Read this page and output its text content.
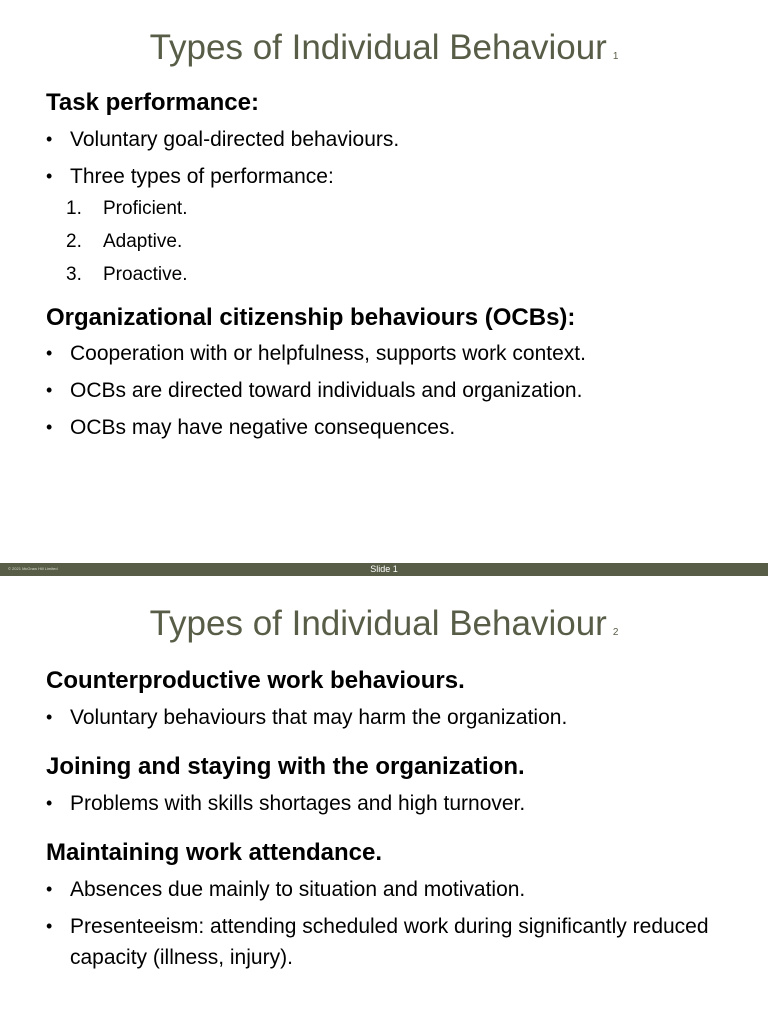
Types of Individual Behaviour 1

Task performance:

• Voluntary goal-directed behaviours.

• Three types of performance:

1. Proficient.

2. Adaptive.

3. Proactive.

Organizational citizenship behaviours (OCBs):

• Cooperation with or helpfulness, supports work context.

• OCBs are directed toward individuals and organization.

• OCBs may have negative consequences.

© 2021 McGraw Hill Limited	Slide 1
Types of Individual Behaviour 2

Counterproductive work behaviours.

• Voluntary behaviours that may harm the organization.

Joining and staying with the organization.

• Problems with skills shortages and high turnover.

Maintaining work attendance.

• Absences due mainly to situation and motivation.

• Presenteeism: attending scheduled work during significantly reduced capacity (illness, injury).
